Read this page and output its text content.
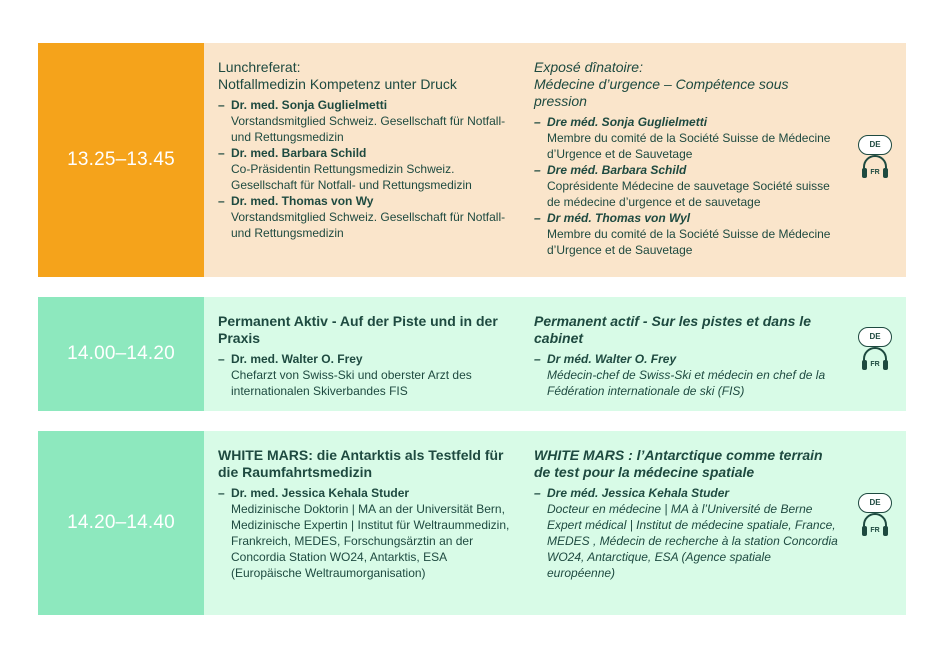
13.25–13.45
Lunchreferat:
Notfallmedizin Kompetenz unter Druck
– Dr. med. Sonja Guglielmetti
Vorstandsmitglied Schweiz. Gesellschaft für Notfall- und Rettungsmedizin
– Dr. med. Barbara Schild
Co-Präsidentin Rettungsmedizin Schweiz. Gesellschaft für Notfall- und Rettungsmedizin
– Dr. med. Thomas von Wy
Vorstandsmitglied Schweiz. Gesellschaft für Notfall- und Rettungsmedizin
Exposé dînatoire:
Médecine d’urgence – Compétence sous pression
– Dre méd. Sonja Guglielmetti
Membre du comité de la Société Suisse de Médecine d’Urgence et de Sauvetage
– Dre méd. Barbara Schild
Coprésidente Médecine de sauvetage Société suisse de médecine d’urgence et de sauvetage
– Dr méd. Thomas von Wyl
Membre du comité de la Société Suisse de Médecine d’Urgence et de Sauvetage
DE
FR
14.00–14.20
Permanent Aktiv - Auf der Piste und in der Praxis
– Dr. med. Walter O. Frey
Chefarzt von Swiss-Ski und oberster Arzt des internationalen Skiverbandes FIS
Permanent actif - Sur les pistes et dans le cabinet
– Dr méd. Walter O. Frey
Médecin-chef de Swiss-Ski et médecin en chef de la Fédération internationale de ski (FIS)
DE
FR
14.20–14.40
WHITE MARS: die Antarktis als Testfeld für die Raumfahrtsmedizin
– Dr. med. Jessica Kehala Studer
Medizinische Doktorin | MA an der Universität Bern, Medizinische Expertin | Institut für Weltraummedizin, Frankreich, MEDES, Forschungsärztin an der Concordia Station WO24, Antarktis, ESA (Europäische Weltraumorganisation)
WHITE MARS : l’Antarctique comme terrain de test pour la médecine spatiale
– Dre méd. Jessica Kehala Studer
Docteur en médecine | MA à l’Université de Berne Expert médical | Institut de médecine spatiale, France, MEDES , Médecin de recherche à la station Concordia WO24, Antarctique, ESA (Agence spatiale européenne)
DE
FR
